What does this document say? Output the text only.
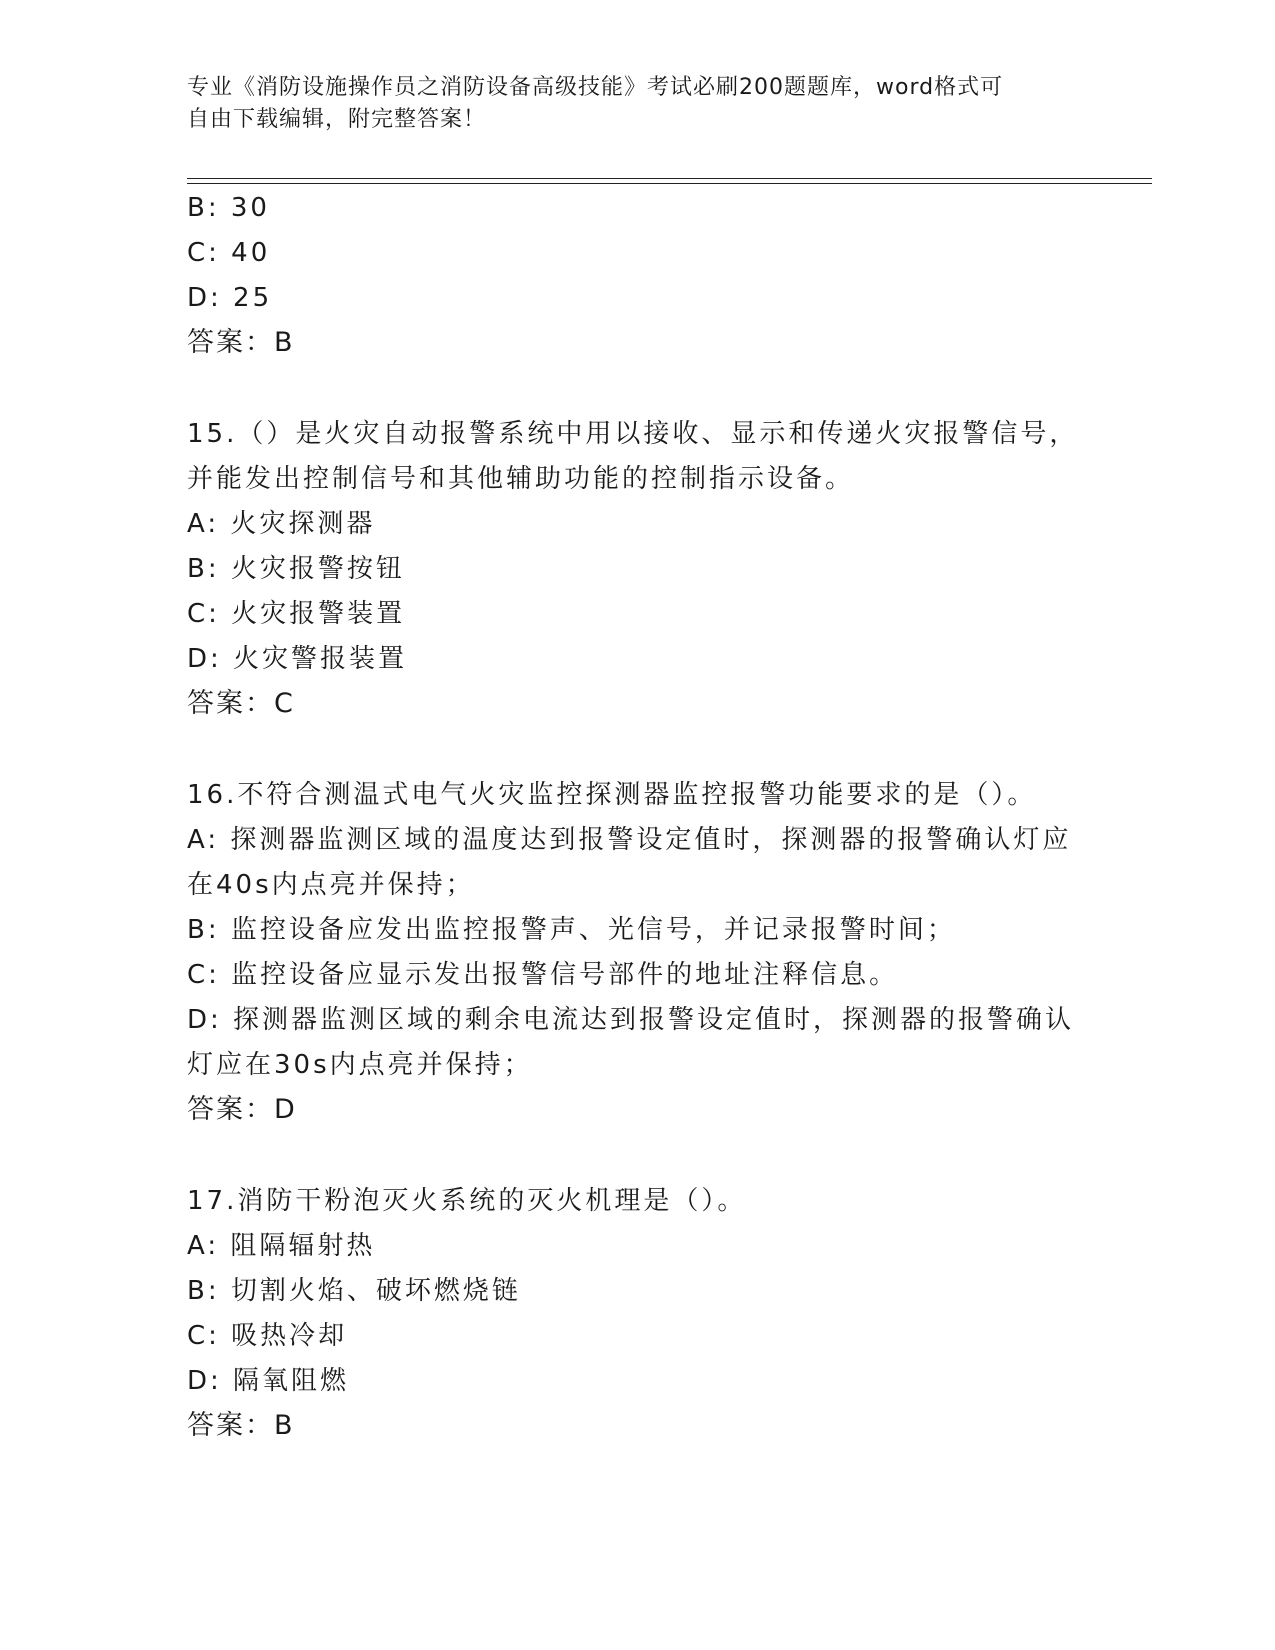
专业《消防设施操作员之消防设备高级技能》考试必刷200题题库，word格式可
自由下载编辑，附完整答案！
B: 30
C: 40
D: 25
答案：B
15.（）是火灾自动报警系统中用以接收、显示和传递火灾报警信号，
并能发出控制信号和其他辅助功能的控制指示设备。
A: 火灾探测器
B: 火灾报警按钮
C: 火灾报警装置
D: 火灾警报装置
答案：C
16.不符合测温式电气火灾监控探测器监控报警功能要求的是（）。
A: 探测器监测区域的温度达到报警设定值时，探测器的报警确认灯应
在40s内点亮并保持；
B: 监控设备应发出监控报警声、光信号，并记录报警时间；
C: 监控设备应显示发出报警信号部件的地址注释信息。
D: 探测器监测区域的剩余电流达到报警设定值时，探测器的报警确认
灯应在30s内点亮并保持；
答案：D
17.消防干粉泡灭火系统的灭火机理是（）。
A: 阻隔辐射热
B: 切割火焰、破坏燃烧链
C: 吸热冷却
D: 隔氧阻燃
答案：B
